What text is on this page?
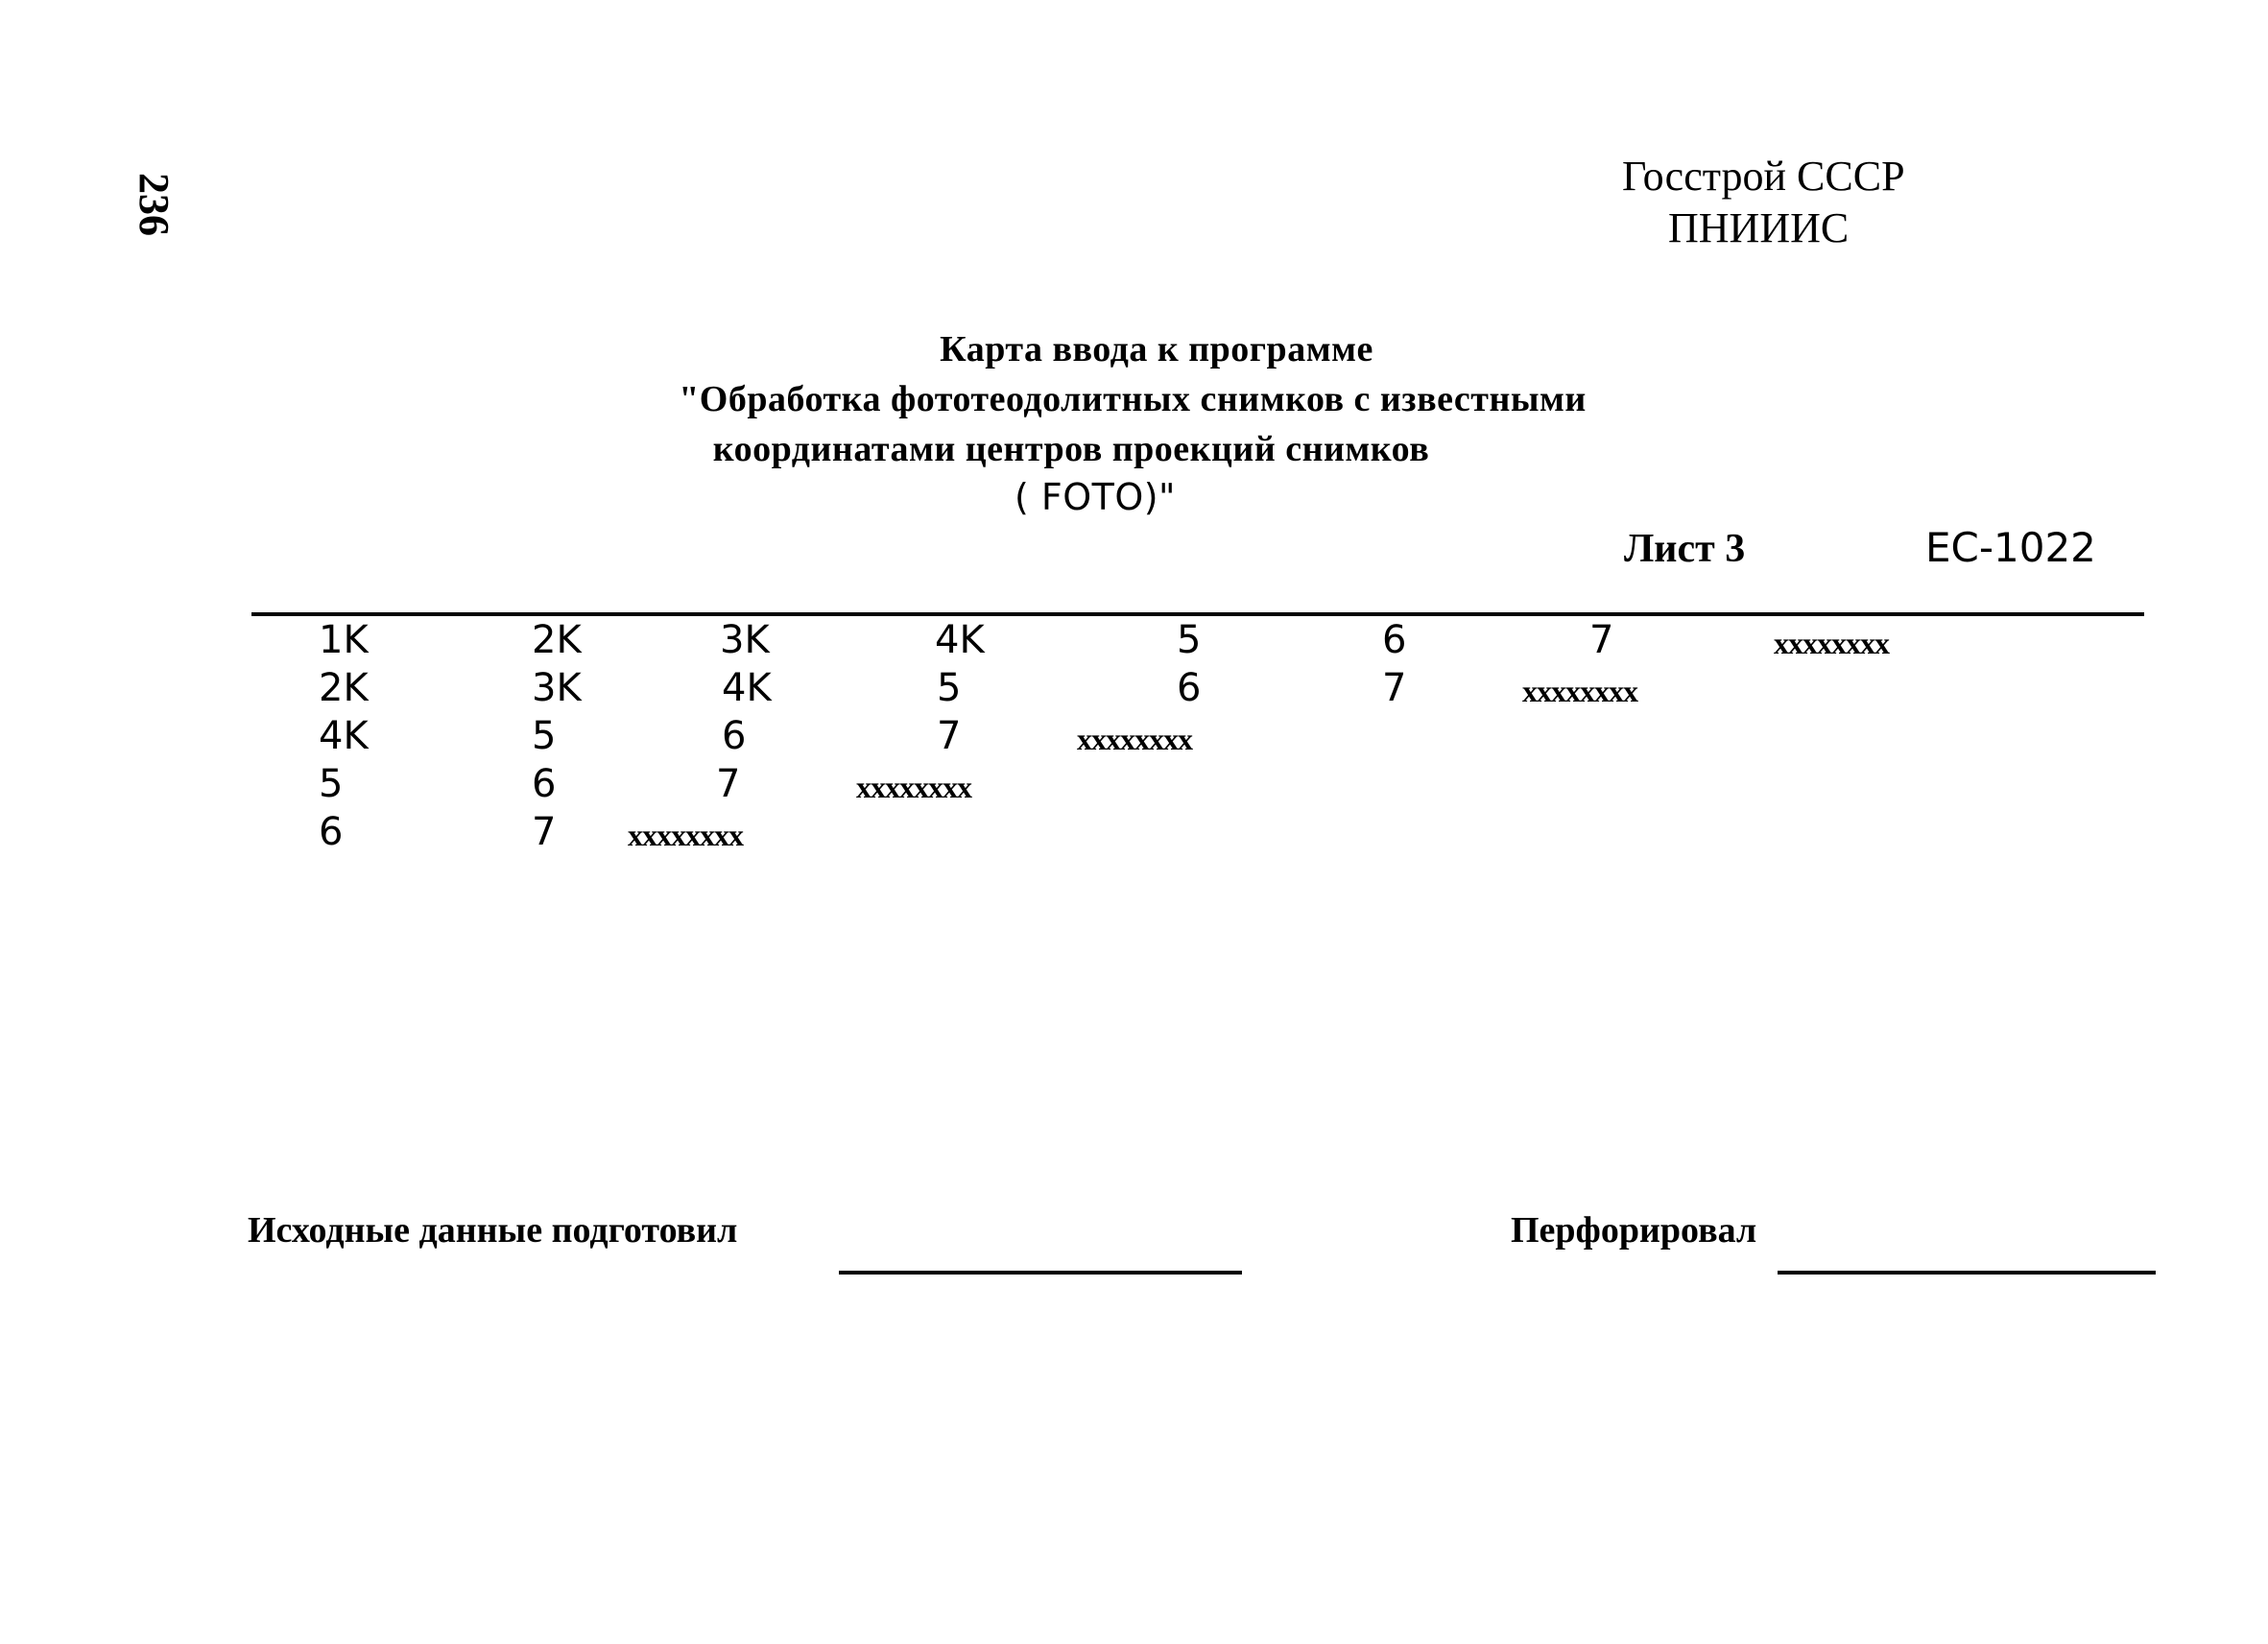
236	Госстрой СССР
ПНИИИС
Карта ввода к программе
"Обработка фототеодолитных снимков с известными
координатами центров проекций снимков
( FOTO)"
Лист 3	ЕС-1022
1K	2K	3K	4K	5	6	7	xxxxxxxx
2K	3K	4K	5	6	7	xxxxxxxx
4K	5	6	7	xxxxxxxx
5	6	7	xxxxxxxx
6	7 xxxxxxxx
Исходные данные подготовил	Перфорировал
